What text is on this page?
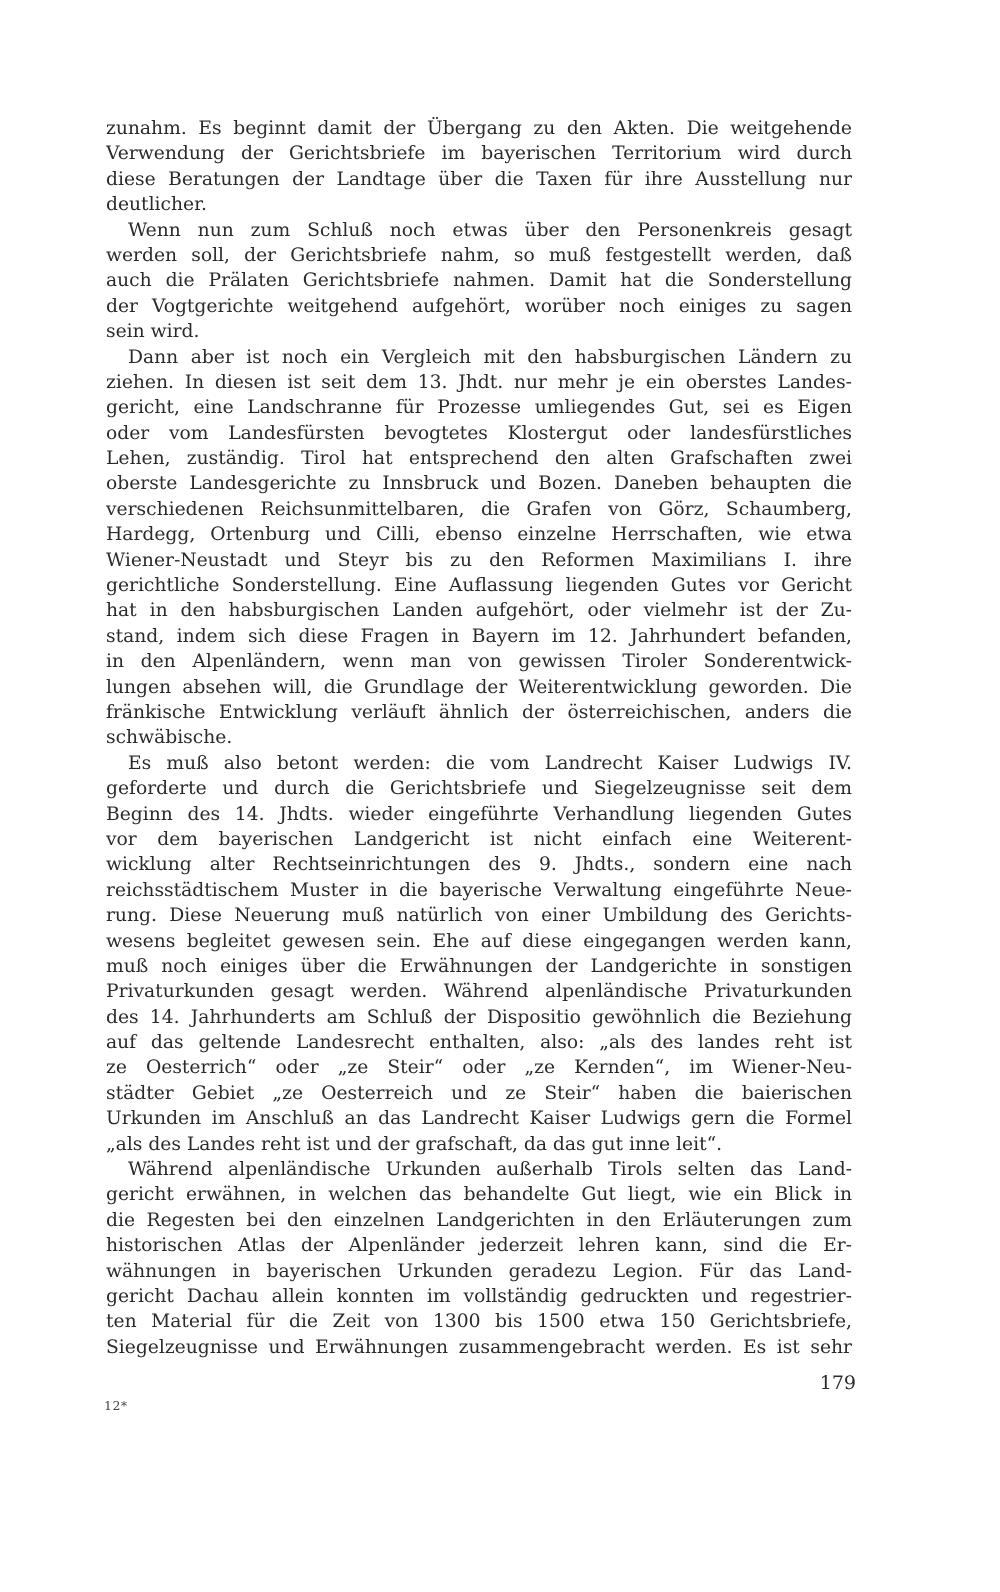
zunahm. Es beginnt damit der Übergang zu den Akten. Die weitgehende
Verwendung der Gerichtsbriefe im bayerischen Territorium wird durch
diese Beratungen der Landtage über die Taxen für ihre Ausstellung nur
deutlicher.
Wenn nun zum Schluß noch etwas über den Personenkreis gesagt
werden soll, der Gerichtsbriefe nahm, so muß festgestellt werden, daß
auch die Prälaten Gerichtsbriefe nahmen. Damit hat die Sonderstellung
der Vogtgerichte weitgehend aufgehört, worüber noch einiges zu sagen
sein wird.
Dann aber ist noch ein Vergleich mit den habsburgischen Ländern zu
ziehen. In diesen ist seit dem 13. Jhdt. nur mehr je ein oberstes Landes-
gericht, eine Landschranne für Prozesse umliegendes Gut, sei es Eigen
oder vom Landesfürsten bevogtetes Klostergut oder landesfürstliches
Lehen, zuständig. Tirol hat entsprechend den alten Grafschaften zwei
oberste Landesgerichte zu Innsbruck und Bozen. Daneben behaupten die
verschiedenen Reichsunmittelbaren, die Grafen von Görz, Schaumberg,
Hardegg, Ortenburg und Cilli, ebenso einzelne Herrschaften, wie etwa
Wiener-Neustadt und Steyr bis zu den Reformen Maximilians I. ihre
gerichtliche Sonderstellung. Eine Auflassung liegenden Gutes vor Gericht
hat in den habsburgischen Landen aufgehört, oder vielmehr ist der Zu-
stand, indem sich diese Fragen in Bayern im 12. Jahrhundert befanden,
in den Alpenländern, wenn man von gewissen Tiroler Sonderentwick-
lungen absehen will, die Grundlage der Weiterentwicklung geworden. Die
fränkische Entwicklung verläuft ähnlich der österreichischen, anders die
schwäbische.
Es muß also betont werden: die vom Landrecht Kaiser Ludwigs IV.
geforderte und durch die Gerichtsbriefe und Siegelzeugnisse seit dem
Beginn des 14. Jhdts. wieder eingeführte Verhandlung liegenden Gutes
vor dem bayerischen Landgericht ist nicht einfach eine Weiterent-
wicklung alter Rechtseinrichtungen des 9. Jhdts., sondern eine nach
reichsstädtischem Muster in die bayerische Verwaltung eingeführte Neue-
rung. Diese Neuerung muß natürlich von einer Umbildung des Gerichts-
wesens begleitet gewesen sein. Ehe auf diese eingegangen werden kann,
muß noch einiges über die Erwähnungen der Landgerichte in sonstigen
Privaturkunden gesagt werden. Während alpenländische Privaturkunden
des 14. Jahrhunderts am Schluß der Dispositio gewöhnlich die Beziehung
auf das geltende Landesrecht enthalten, also: „als des landes reht ist
ze Oesterrich“ oder „ze Steir“ oder „ze Kernden“, im Wiener-Neu-
städter Gebiet „ze Oesterreich und ze Steir“ haben die baierischen
Urkunden im Anschluß an das Landrecht Kaiser Ludwigs gern die Formel
„als des Landes reht ist und der grafschaft, da das gut inne leit“.
Während alpenländische Urkunden außerhalb Tirols selten das Land-
gericht erwähnen, in welchen das behandelte Gut liegt, wie ein Blick in
die Regesten bei den einzelnen Landgerichten in den Erläuterungen zum
historischen Atlas der Alpenländer jederzeit lehren kann, sind die Er-
wähnungen in bayerischen Urkunden geradezu Legion. Für das Land-
gericht Dachau allein konnten im vollständig gedruckten und regestrier-
ten Material für die Zeit von 1300 bis 1500 etwa 150 Gerichtsbriefe,
Siegelzeugnisse und Erwähnungen zusammengebracht werden. Es ist sehr
179
12*
